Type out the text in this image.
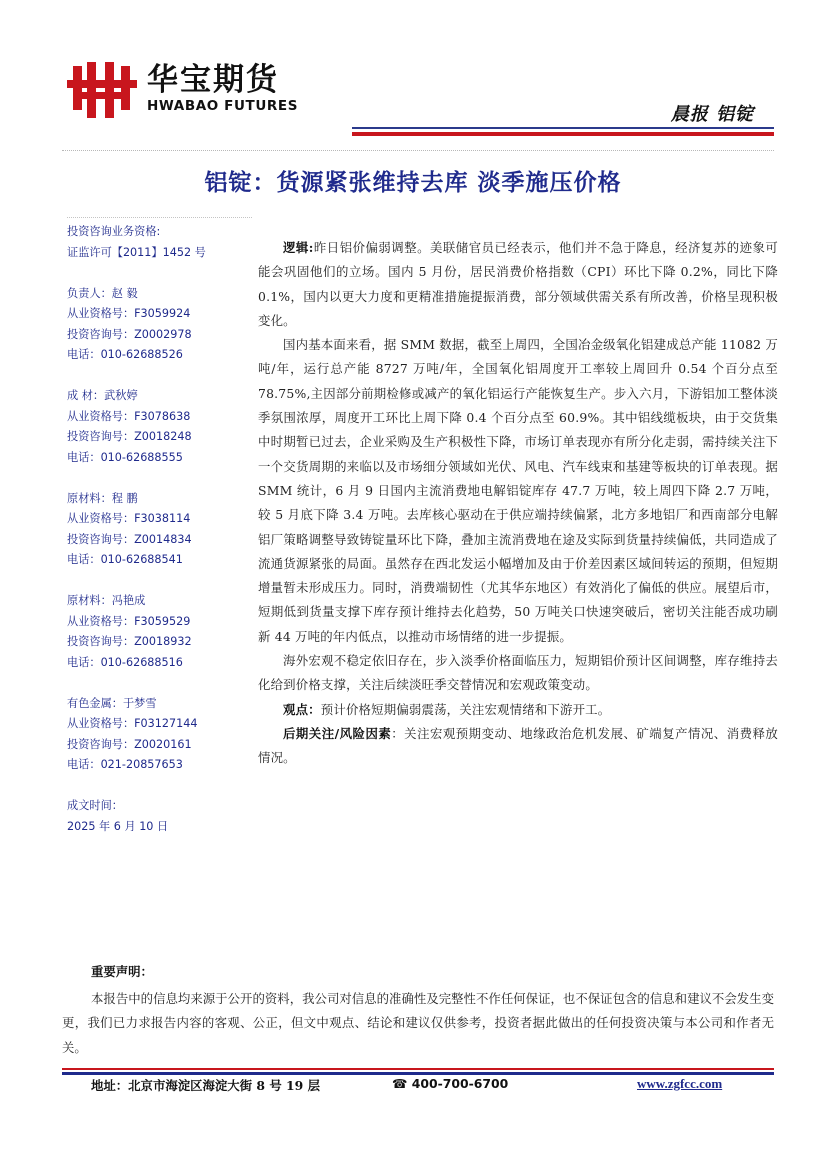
华宝期货
HWABAO FUTURES	晨报 铝锭
铝锭：货源紧张维持去库 淡季施压价格
投资咨询业务资格:
证监许可【2011】1452 号
负责人：赵 毅
从业资格号：F3059924
投资咨询号：Z0002978
电话：010-62688526
成 材：武秋婷
从业资格号：F3078638
投资咨询号：Z0018248
电话：010-62688555
原材料：程 鹏
从业资格号：F3038114
投资咨询号：Z0014834
电话：010-62688541
原材料：冯艳成
从业资格号：F3059529
投资咨询号：Z0018932
电话：010-62688516
有色金属：于梦雪
从业资格号：F03127144
投资咨询号：Z0020161
电话：021-20857653
成文时间：
2025 年 6 月 10 日

逻辑:昨日铝价偏弱调整。美联储官员已经表示，他们并不急于降息，经济复苏的迹象可能会巩固他们的立场。国内 5 月份，居民消费价格指数（CPI）环比下降 0.2%，同比下降 0.1%，国内以更大力度和更精准措施提振消费，部分领域供需关系有所改善，价格呈现积极变化。

国内基本面来看，据 SMM 数据，截至上周四，全国冶金级氧化铝建成总产能 11082 万吨/年，运行总产能 8727 万吨/年，全国氧化铝周度开工率较上周回升 0.54 个百分点至 78.75%,主因部分前期检修或减产的氧化铝运行产能恢复生产。步入六月，下游铝加工整体淡季氛围浓厚，周度开工环比上周下降 0.4 个百分点至 60.9%。其中铝线缆板块，由于交货集中时期暂已过去，企业采购及生产积极性下降，市场订单表现亦有所分化走弱，需持续关注下一个交货周期的来临以及市场细分领域如光伏、风电、汽车线束和基建等板块的订单表现。据 SMM 统计，6 月 9 日国内主流消费地电解铝锭库存 47.7 万吨，较上周四下降 2.7 万吨，较 5 月底下降 3.4 万吨。去库核心驱动在于供应端持续偏紧，北方多地铝厂和西南部分电解铝厂策略调整导致铸锭量环比下降，叠加主流消费地在途及实际到货量持续偏低，共同造成了流通货源紧张的局面。虽然存在西北发运小幅增加及由于价差因素区域间转运的预期，但短期增量暂未形成压力。同时，消费端韧性（尤其华东地区）有效消化了偏低的供应。展望后市，短期低到货量支撑下库存预计维持去化趋势，50 万吨关口快速突破后，密切关注能否成功刷新 44 万吨的年内低点，以推动市场情绪的进一步提振。

海外宏观不稳定依旧存在，步入淡季价格面临压力，短期铝价预计区间调整，库存维持去化给到价格支撑，关注后续淡旺季交替情况和宏观政策变动。

观点：预计价格短期偏弱震荡，关注宏观情绪和下游开工。

后期关注/风险因素：关注宏观预期变动、地缘政治危机发展、矿端复产情况、消费释放情况。

重要声明：

本报告中的信息均来源于公开的资料，我公司对信息的准确性及完整性不作任何保证，也不保证包含的信息和建议不会发生变更，我们已力求报告内容的客观、公正，但文中观点、结论和建议仅供参考，投资者据此做出的任何投资决策与本公司和作者无关。

地址：北京市海淀区海淀大街 8 号 19 层	☎ 400-700-6700	www.zgfcc.com
